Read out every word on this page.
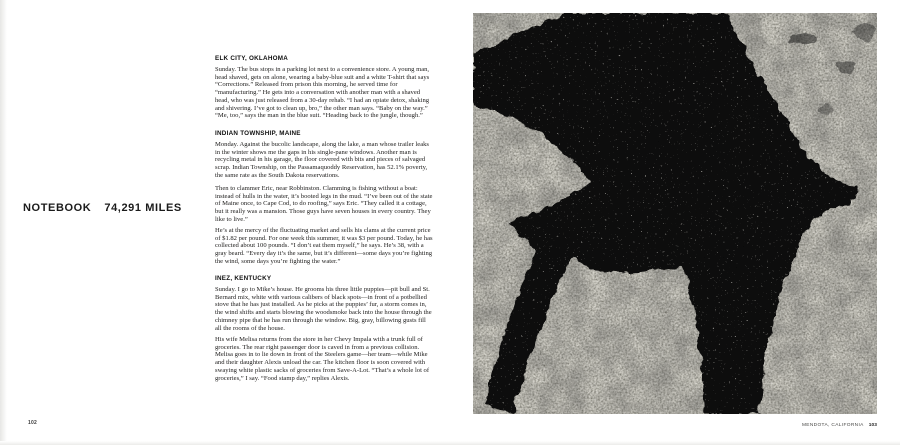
NOTEBOOK 74,291 MILES
ELK CITY, OKLAHOMA
Sunday. The bus stops in a parking lot next to a convenience store. A young man, head shaved, gets on alone, wearing a baby-blue suit and a white T-shirt that says “Corrections.” Released from prison this morning, he served time for “manufacturing.” He gets into a conversation with another man with a shaved head, who was just released from a 30-day rehab. “I had an opiate detox, shaking and shivering. I’ve got to clean up, bro,” the other man says. “Baby on the way.” “Me, too,” says the man in the blue suit. “Heading back to the jungle, though.”
INDIAN TOWNSHIP, MAINE
Monday. Against the bucolic landscape, along the lake, a man whose trailer leaks in the winter shows me the gaps in his single-pane windows. Another man is recycling metal in his garage, the floor covered with bits and pieces of salvaged scrap. Indian Township, on the Passamaquoddy Reservation, has 52.1% poverty, the same rate as the South Dakota reservations.
Then to clammer Eric, near Robbinston. Clamming is fishing without a boat: instead of hulls in the water, it’s booted legs in the mud. “I’ve been out of the state of Maine once, to Cape Cod, to do roofing,” says Eric. “They called it a cottage, but it really was a mansion. Those guys have seven houses in every country. They like to live.”
He’s at the mercy of the fluctuating market and sells his clams at the current price of $1.82 per pound. For one week this summer, it was $3 per pound. Today, he has collected about 100 pounds. “I don’t eat them myself,” he says. He’s 38, with a gray beard. “Every day it’s the same, but it’s different—some days you’re fighting the wind, some days you’re fighting the water.”
INEZ, KENTUCKY
Sunday. I go to Mike’s house. He grooms his three little puppies—pit bull and St. Bernard mix, white with various calibers of black spots—in front of a potbellied stove that he has just installed. As he picks at the puppies’ fur, a storm comes in, the wind shifts and starts blowing the woodsmoke back into the house through the chimney pipe that he has run through the window. Big, gray, billowing gusts fill all the rooms of the house.
His wife Melisa returns from the store in her Chevy Impala with a trunk full of groceries. The rear right passenger door is caved in from a previous collision. Melisa goes in to lie down in front of the Steelers game—her team—while Mike and their daughter Alexis unload the car. The kitchen floor is soon covered with swaying white plastic sacks of groceries from Save-A-Lot. “That’s a whole lot of groceries,” I say. “Food stamp day,” replies Alexis.
102	MENDOTA, CALIFORNIA 103
